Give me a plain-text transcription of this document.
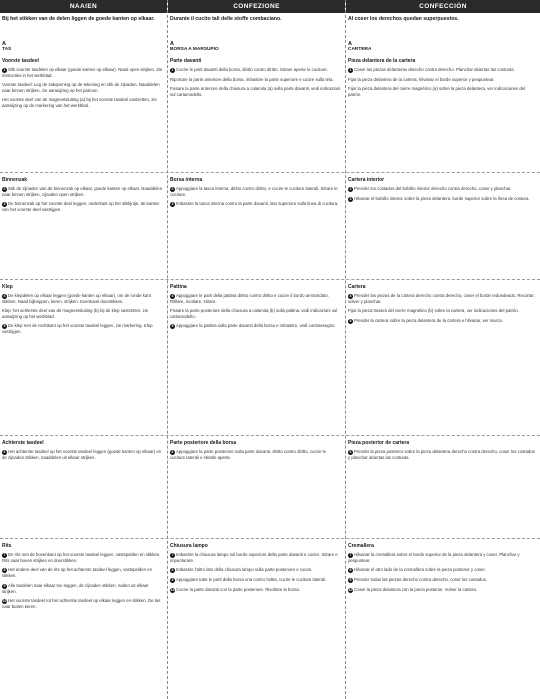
NAAIEN
Bij het stikken van de delen liggen de goede kanten op elkaar.
A
TAS
Voorste tasdeel

1 Stik voorste tasdelen op elkaar (goede kanten op elkaar). Naad open strijken. Zie instructies in het werkblad.

Voorste tasdeel: Leg de zakopening op de tekening en stik de zijnaden. Naaddelen naar binnen strijken, zie aanwijzing op het patroon.

Het voorste deel van de magneetsluiting (a) bij het voorste tasdeel vastzetten, zie aanwijzing op de markering van het werkblad.

Binnenzak

2 Stik de zijnaden van de binnenzak op elkaar, goede kanten op elkaar. Naaddelen naar binnen strijken, zijnaden open strijken.

3 De binnenzak op het voorste deel leggen, onderkant op het stiklijntje, de kanten van het voorste deel vastrijgen.

Klep

4 De klepdelen op elkaar leggen (goede kanten op elkaar), om de ronde kant stikken. Naad bijknippen, keren, strijken. Eventueel doorstikken.

Klep: het achterste deel van de magneetsluiting (b) bij de klep vastzetten, zie aanwijzing op het werkblad.

5 De klep met de rechtkant op het voorste tasdeel leggen, zie markering. Klep vastrijgen.

Achterste tasdeel

6 Het achterste tasdeel op het voorste tasdeel leggen (goede kanten op elkaar) en de zijnaden stikken, naaddelen uit elkaar strijken.

Rits

7 De rits met de bovenkant op het voorste tasdeel leggen, vastspelden en stikken. Rits naar boven strijken en doorstikken.

8 Het andere deel van de rits op het achterste tasdeel leggen, vastspelden en stikken.

9 Alle tasdelen naar elkaar toe leggen, de zijnaden stikken, naden uit elkaar strijken.

10 Het voorste tasdeel tot het achterste tasdeel op elkaar leggen en stikken. De tas naar buiten keren.

CONFEZIONE
Durante il cucito tali delle stoffe combaciano.
A
BORSA A MARSUPIO
Parte davanti

1 Cucire le parti davanti della borsa, diritto contro diritto. Stirare aperte le cuciture.

Riportare la parte anteriore della borsa, imbastire la parte superiore e cucire sulla tela.

Fissare la parte anteriore della chiusura a calamita (a) sulla parte davanti, vedi indicazioni sul cartamodello.

Borsa interna

2 Appoggiare la tasca interna, diritto contro diritto, e cucire le cuciture laterali. Stirare le cuciture.

3 Imbastire la tasca interna contro la parte davanti, lato superiore sulla linea di cucitura.

Pattina

4 Appoggiare le parti della pattina diritto contro diritto e cucire il bordo arrotondato. Rifilare, rivoltare, stirare.

Fissare la parte posteriore della chiusura a calamita (b) sulla pattina, vedi indicazioni sul cartamodello.

5 Appoggiare la pattina sulla parte davanti della borsa e imbastire, vedi contrassegno.

Parte posteriore della borsa

6 Appoggiare la parte posteriore sulla parte davanti, diritto contro diritto, cucire le cuciture laterali e stirarle aperte.

Chiusura lampo

7 Imbastire la chiusura lampo sul bordo superiore della parte davanti e cucire. Stirare e impunturare.

8 Imbastire l'altro lato della chiusura lampo sulla parte posteriore e cucire.

9 Appoggiare tutte le parti della borsa una contro l'altra, cucire le cuciture laterali.

10 Cucire la parte davanti con la parte posteriore. Rivoltare la borsa.

CONFECCIÓN
Al coser los derechos quedan superpuestos.
A
CARTERA
Pieza delantera de la cartera

1 Coser las piezas delanteras derecho contra derecho. Planchar abiertas las costuras.

Fijar la pieza delantera de la cartera, hilvanar el borde superior y pespuntear.

Fijar la pieza delantera del cierre magnético (a) sobre la pieza delantera, ver indicaciones del patrón.

Cartera interior

2 Prender los costados del bolsillo interior derecho contra derecho, coser y planchar.

3 Hilvanar el bolsillo interior sobre la pieza delantera, borde superior sobre la línea de costura.

Cartera

4 Prender las piezas de la cartera derecho contra derecho, coser el borde redondeado. Recortar, volver y planchar.

Fijar la pieza trasera del cierre magnético (b) sobre la cartera, ver indicaciones del patrón.

5 Prender la cartera sobre la pieza delantera de la cartera e hilvanar, ver marca.

Pieza posterior de cartera

6 Prender la pieza posterior sobre la pieza delantera derecho contra derecho, coser los costados y planchar abiertas las costuras.

Cremallera

7 Hilvanar la cremallera sobre el borde superior de la pieza delantera y coser. Planchar y pespuntear.

8 Hilvanar el otro lado de la cremallera sobre la pieza posterior y coser.

9 Prender todas las piezas derecho contra derecho, coser los costados.

10 Coser la pieza delantera con la pieza posterior. Volver la cartera.
